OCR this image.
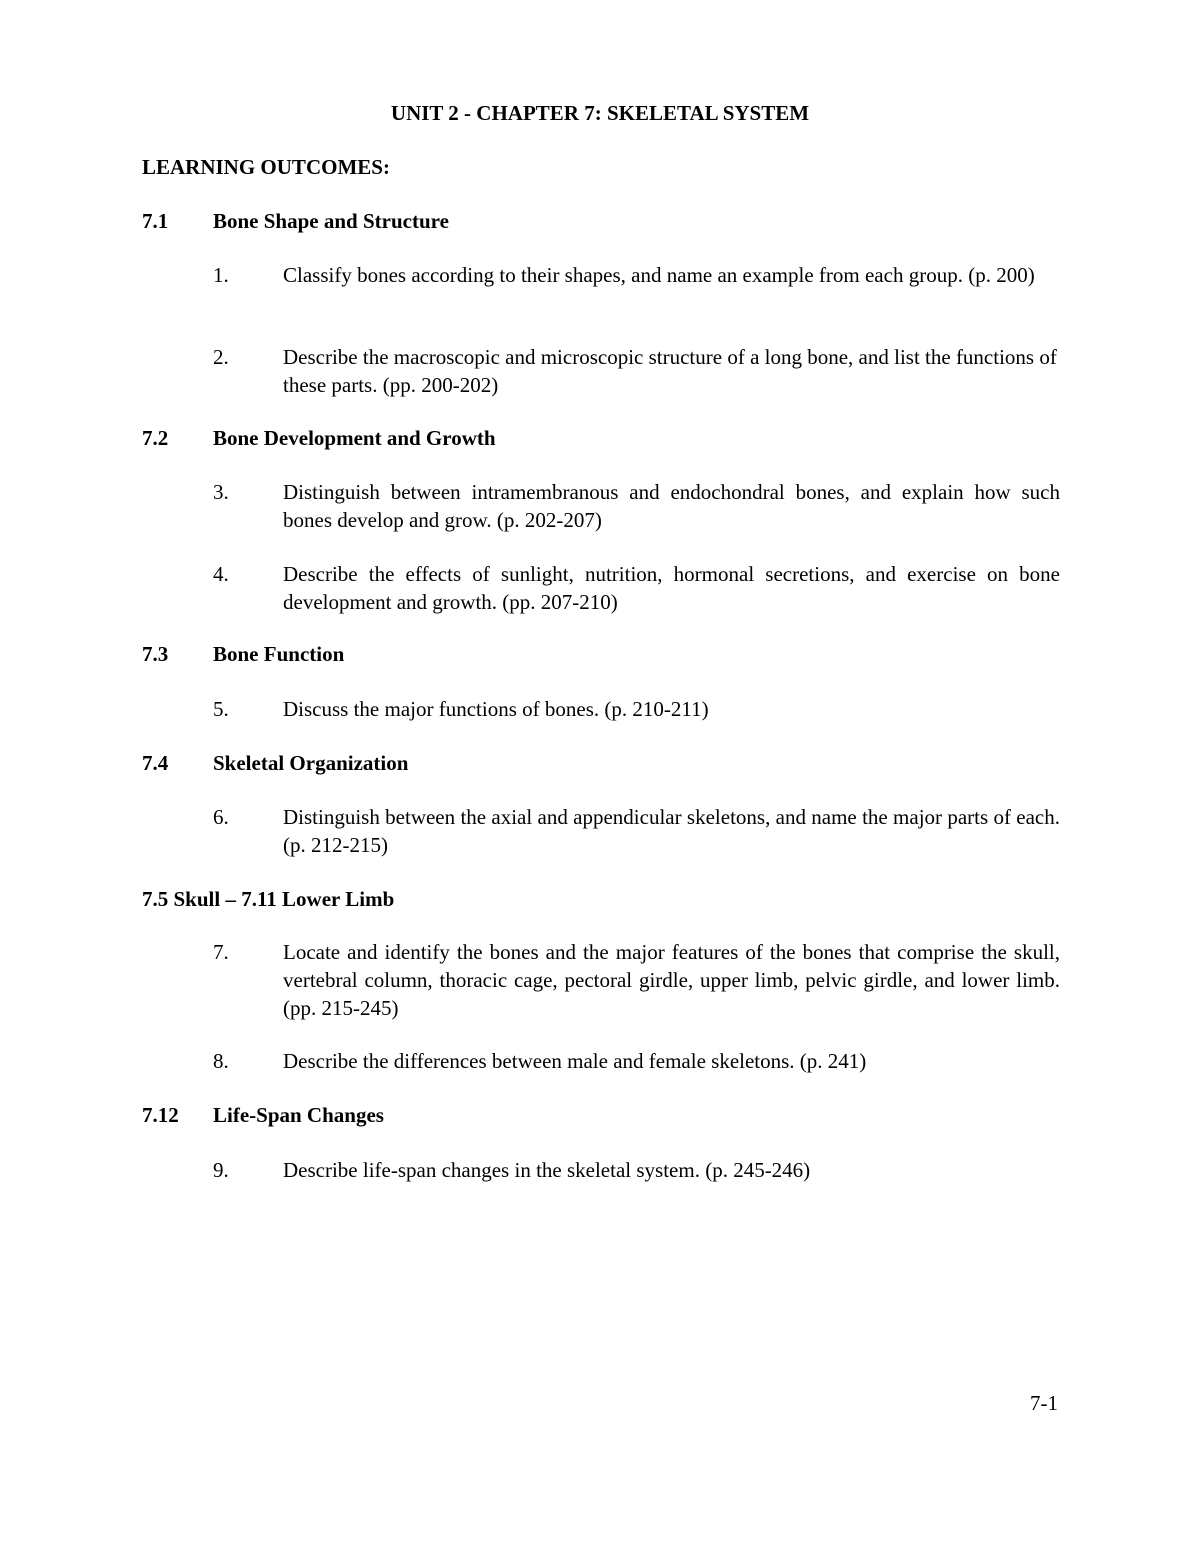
UNIT 2 - CHAPTER 7: SKELETAL SYSTEM

LEARNING OUTCOMES:

7.1 Bone Shape and Structure

1.	Classify bones according to their shapes, and name an example from each group. (p. 200)
2.	Describe the macroscopic and microscopic structure of a long bone, and list the functions of these parts. (pp. 200-202)

7.2 Bone Development and Growth

3.	Distinguish between intramembranous and endochondral bones, and explain how such bones develop and grow. (p. 202-207)
4.	Describe the effects of sunlight, nutrition, hormonal secretions, and exercise on bone development and growth. (pp. 207-210)

7.3 Bone Function

5.	Discuss the major functions of bones. (p. 210-211)

7.4 Skeletal Organization

6.	Distinguish between the axial and appendicular skeletons, and name the major parts of each. (p. 212-215)

7.5 Skull – 7.11 Lower Limb

7.	Locate and identify the bones and the major features of the bones that comprise the skull, vertebral column, thoracic cage, pectoral girdle, upper limb, pelvic girdle, and lower limb. (pp. 215-245)
8.	Describe the differences between male and female skeletons. (p. 241)

7.12 Life-Span Changes

9.	Describe life-span changes in the skeletal system. (p. 245-246)

7-1
